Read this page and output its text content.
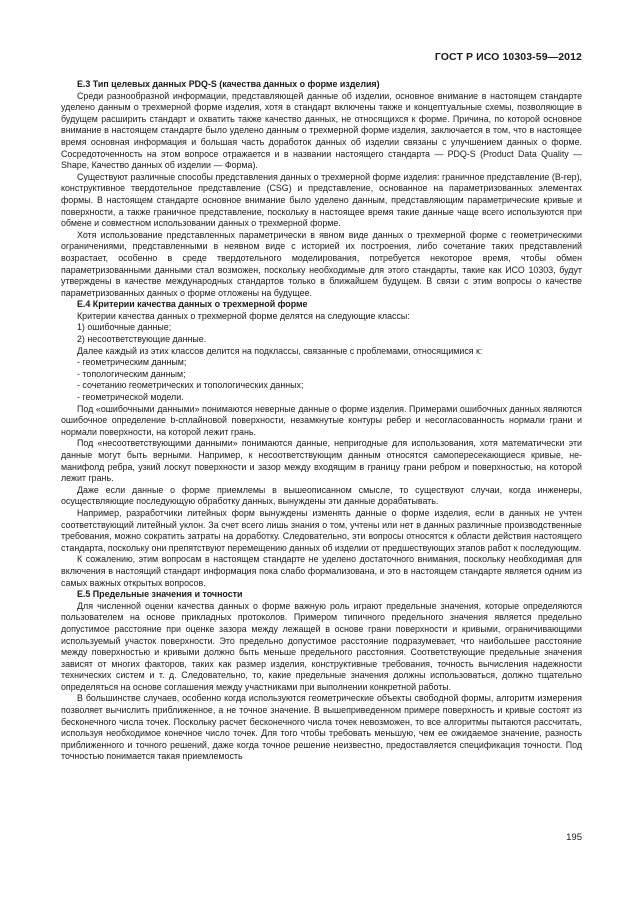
ГОСТ Р ИСО 10303-59—2012

E.3 Тип целевых данных PDQ-S (качества данных о форме изделия)

Среди разнообразной информации, представляющей данные об изделии, основное внимание в настоящем стандарте уделено данным о трехмерной форме изделия, хотя в стандарт включены также и концептуальные схемы, позволяющие в будущем расширить стандарт и охватить также качество данных, не относящихся к форме. Причина, по которой основное внимание в настоящем стандарте было уделено данным о трехмерной форме изделия, заключается в том, что в настоящее время основная информация и большая часть доработок данных об изделии связаны с улучшением данных о форме. Сосредоточенность на этом вопросе отражается и в названии настоящего стандарта — PDQ-S (Product Data Quality — Shape, Качество данных об изделии — Форма).

Существуют различные способы представления данных о трехмерной форме изделия: граничное представление (B-rep), конструктивное твердотельное представление (CSG) и представление, основанное на параметризованных элементах формы. В настоящем стандарте основное внимание было уделено данным, представляющим параметрические кривые и поверхности, а также граничное представление, поскольку в настоящее время такие данные чаще всего используются при обмене и совместном использовании данных о трехмерной форме.

Хотя использование представленных параметрически в явном виде данных о трехмерной форме с геометрическими ограничениями, представленными в неявном виде с историей их построения, либо сочетание таких представлений возрастает, особенно в среде твердотельного моделирования, потребуется некоторое время, чтобы обмен параметризованными данными стал возможен, поскольку необходимые для этого стандарты, такие как ИСО 10303, будут утверждены в качестве международных стандартов только в ближайшем будущем. В связи с этим вопросы о качестве параметризованных данных о форме отложены на будущее.

E.4 Критерии качества данных о трехмерной форме

Критерии качества данных о трехмерной форме делятся на следующие классы:

1) ошибочные данные;

2) несоответствующие данные.

Далее каждый из этих классов делится на подклассы, связанные с проблемами, относящимися к:

- геометрическим данным;

- топологическим данным;

- сочетанию геометрических и топологических данных;

- геометрической модели.

Под «ошибочными данными» понимаются неверные данные о форме изделия. Примерами ошибочных данных являются ошибочное определение b-сплайновой поверхности, незамкнутые контуры ребер и несогласованность нормали грани и нормали поверхности, на которой лежит грань.

Под «несоответствующими данными» понимаются данные, непригодные для использования, хотя математически эти данные могут быть верными. Например, к несоответствующим данным относятся самопересекающиеся кривые, не-манифолд ребра, узкий лоскут поверхности и зазор между входящим в границу грани ребром и поверхностью, на которой лежит грань.

Даже если данные о форме приемлемы в вышеописанном смысле, то существуют случаи, когда инженеры, осуществляющие последующую обработку данных, вынуждены эти данные дорабатывать.

Например, разработчики литейных форм вынуждены изменять данные о форме изделия, если в данных не учтен соответствующий литейный уклон. За счет всего лишь знания о том, учтены или нет в данных различные производственные требования, можно сократить затраты на доработку. Следовательно, эти вопросы относятся к области действия настоящего стандарта, поскольку они препятствуют перемещению данных об изделии от предшествующих этапов работ к последующим.

К сожалению, этим вопросам в настоящем стандарте не уделено достаточного внимания, поскольку необходимая для включения в настоящий стандарт информация пока слабо формализована, и это в настоящем стандарте является одним из самых важных открытых вопросов.

E.5 Предельные значения и точности

Для численной оценки качества данных о форме важную роль играют предельные значения, которые определяются пользователем на основе прикладных протоколов. Примером типичного предельного значения является предельно допустимое расстояние при оценке зазора между лежащей в основе грани поверхности и кривыми, ограничивающими используемый участок поверхности. Это предельно допустимое расстояние подразумевает, что наибольшее расстояние между поверхностью и кривыми должно быть меньше предельного расстояния. Соответствующие предельные значения зависят от многих факторов, таких как размер изделия, конструктивные требования, точность вычисления надежности технических систем и т. д. Следовательно, то, какие предельные значения должны использоваться, должно тщательно определяться на основе соглашения между участниками при выполнении конкретной работы.

В большинстве случаев, особенно когда используются геометрические объекты свободной формы, алгоритм измерения позволяет вычислить приближенное, а не точное значение. В вышеприведенном примере поверхность и кривые состоят из бесконечного числа точек. Поскольку расчет бесконечного числа точек невозможен, то все алгоритмы пытаются рассчитать, используя необходимое конечное число точек. Для того чтобы требовать меньшую, чем ее ожидаемое значение, разность приближенного и точного решений, даже когда точное решение неизвестно, предоставляется спецификация точности. Под точностью понимается такая приемлемость

195
